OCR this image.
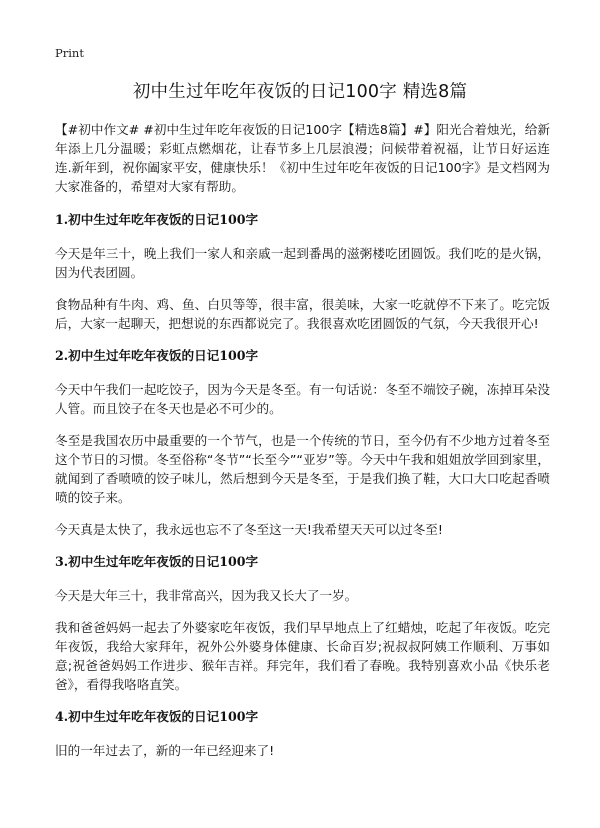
Print
初中生过年吃年夜饭的日记100字 精选8篇

【#初中作文# #初中生过年吃年夜饭的日记100字【精选8篇】#】阳光合着烛光，给新年添上几分温暖；彩虹点燃烟花，让春节多上几层浪漫；问候带着祝福，让节日好运连连.新年到，祝你阖家平安，健康快乐！《初中生过年吃年夜饭的日记100字》是文档网为大家准备的，希望对大家有帮助。

1.初中生过年吃年夜饭的日记100字

今天是年三十，晚上我们一家人和亲戚一起到番禺的滋粥楼吃团圆饭。我们吃的是火锅，因为代表团圆。

食物品种有牛肉、鸡、鱼、白贝等等，很丰富，很美味，大家一吃就停不下来了。吃完饭后，大家一起聊天，把想说的东西都说完了。我很喜欢吃团圆饭的气氛，今天我很开心!

2.初中生过年吃年夜饭的日记100字

今天中午我们一起吃饺子，因为今天是冬至。有一句话说：冬至不端饺子碗，冻掉耳朵没人管。而且饺子在冬天也是必不可少的。

冬至是我国农历中最重要的一个节气，也是一个传统的节日，至今仍有不少地方过着冬至这个节日的习惯。冬至俗称“冬节”“长至今”“亚岁”等。今天中午我和姐姐放学回到家里，就闻到了香喷喷的饺子味儿，然后想到今天是冬至，于是我们换了鞋，大口大口吃起香喷喷的饺子来。

今天真是太快了，我永远也忘不了冬至这一天!我希望天天可以过冬至!

3.初中生过年吃年夜饭的日记100字

今天是大年三十，我非常高兴，因为我又长大了一岁。

我和爸爸妈妈一起去了外婆家吃年夜饭，我们早早地点上了红蜡烛，吃起了年夜饭。吃完年夜饭，我给大家拜年，祝外公外婆身体健康、长命百岁;祝叔叔阿姨工作顺利、万事如意;祝爸爸妈妈工作进步、猴年吉祥。拜完年，我们看了春晚。我特别喜欢小品《快乐老爸》，看得我咯咯直笑。

4.初中生过年吃年夜饭的日记100字

旧的一年过去了，新的一年已经迎来了!
